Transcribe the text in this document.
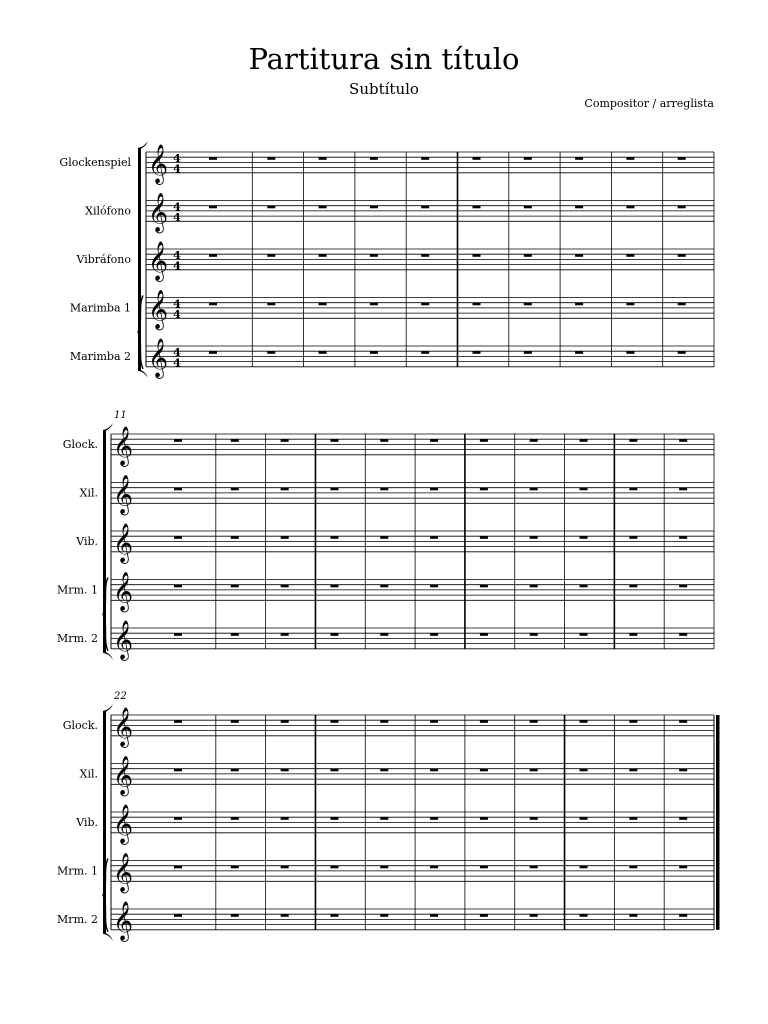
Partitura sin título
Subtítulo
Compositor / arreglista
Glockenspiel 𝄞 4
4
Xilófono 𝄞 4
4
Vibráfono 𝄞 4
4
Marimba 1 𝄞 4
4
Marimba 2 𝄞 4
4
11
Glock. 𝄞
Xil. 𝄞
Vib. 𝄞
Mrm. 1 𝄞
Mrm. 2 𝄞
22
Glock. 𝄞
Xil. 𝄞
Vib. 𝄞
Mrm. 1 𝄞
Mrm. 2 𝄞
